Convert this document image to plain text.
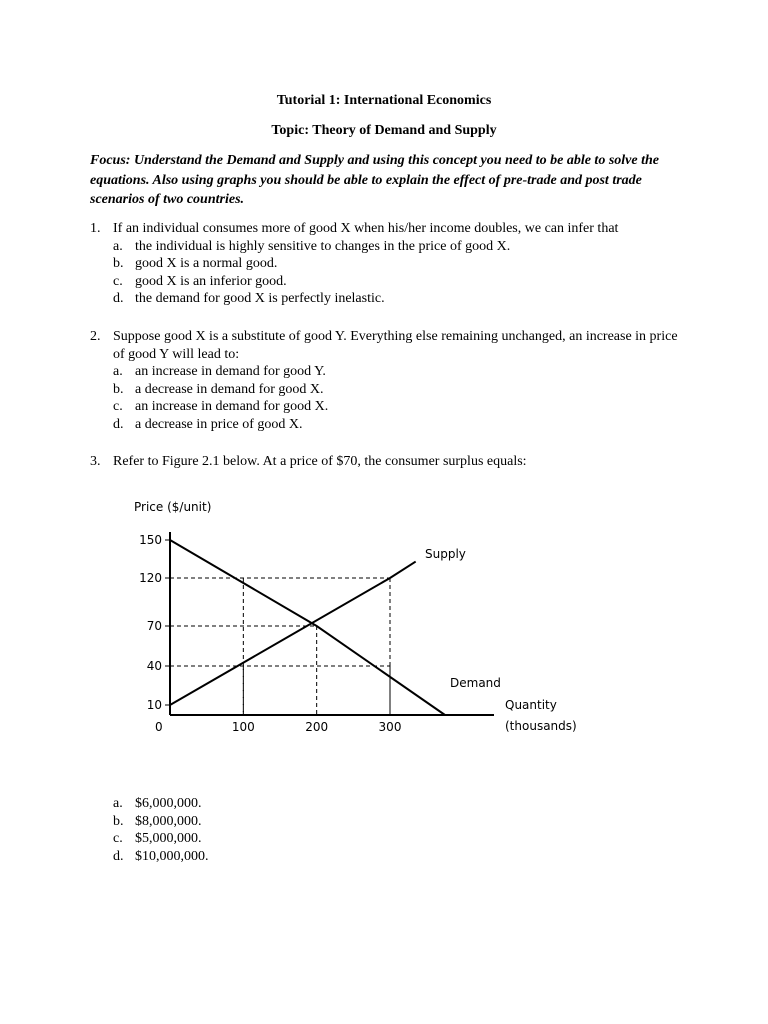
Tutorial 1: International Economics
Topic: Theory of Demand and Supply
Focus: Understand the Demand and Supply and using this concept you need to be able to solve the equations. Also using graphs you should be able to explain the effect of pre-trade and post trade scenarios of two countries.
1. If an individual consumes more of good X when his/her income doubles, we can infer that
a. the individual is highly sensitive to changes in the price of good X.
b. good X is a normal good.
c. good X is an inferior good.
d. the demand for good X is perfectly inelastic.
2. Suppose good X is a substitute of good Y. Everything else remaining unchanged, an increase in price of good Y will lead to:
a. an increase in demand for good Y.
b. a decrease in demand for good X.
c. an increase in demand for good X.
d. a decrease in price of good X.
3. Refer to Figure 2.1 below. At a price of $70, the consumer surplus equals:
Price ($/unit)
Quantity
(thousands)
0
150
120
70
40
10
100	200	300
Supply
Demand
a. $6,000,000.
b. $8,000,000.
c. $5,000,000.
d. $10,000,000.
